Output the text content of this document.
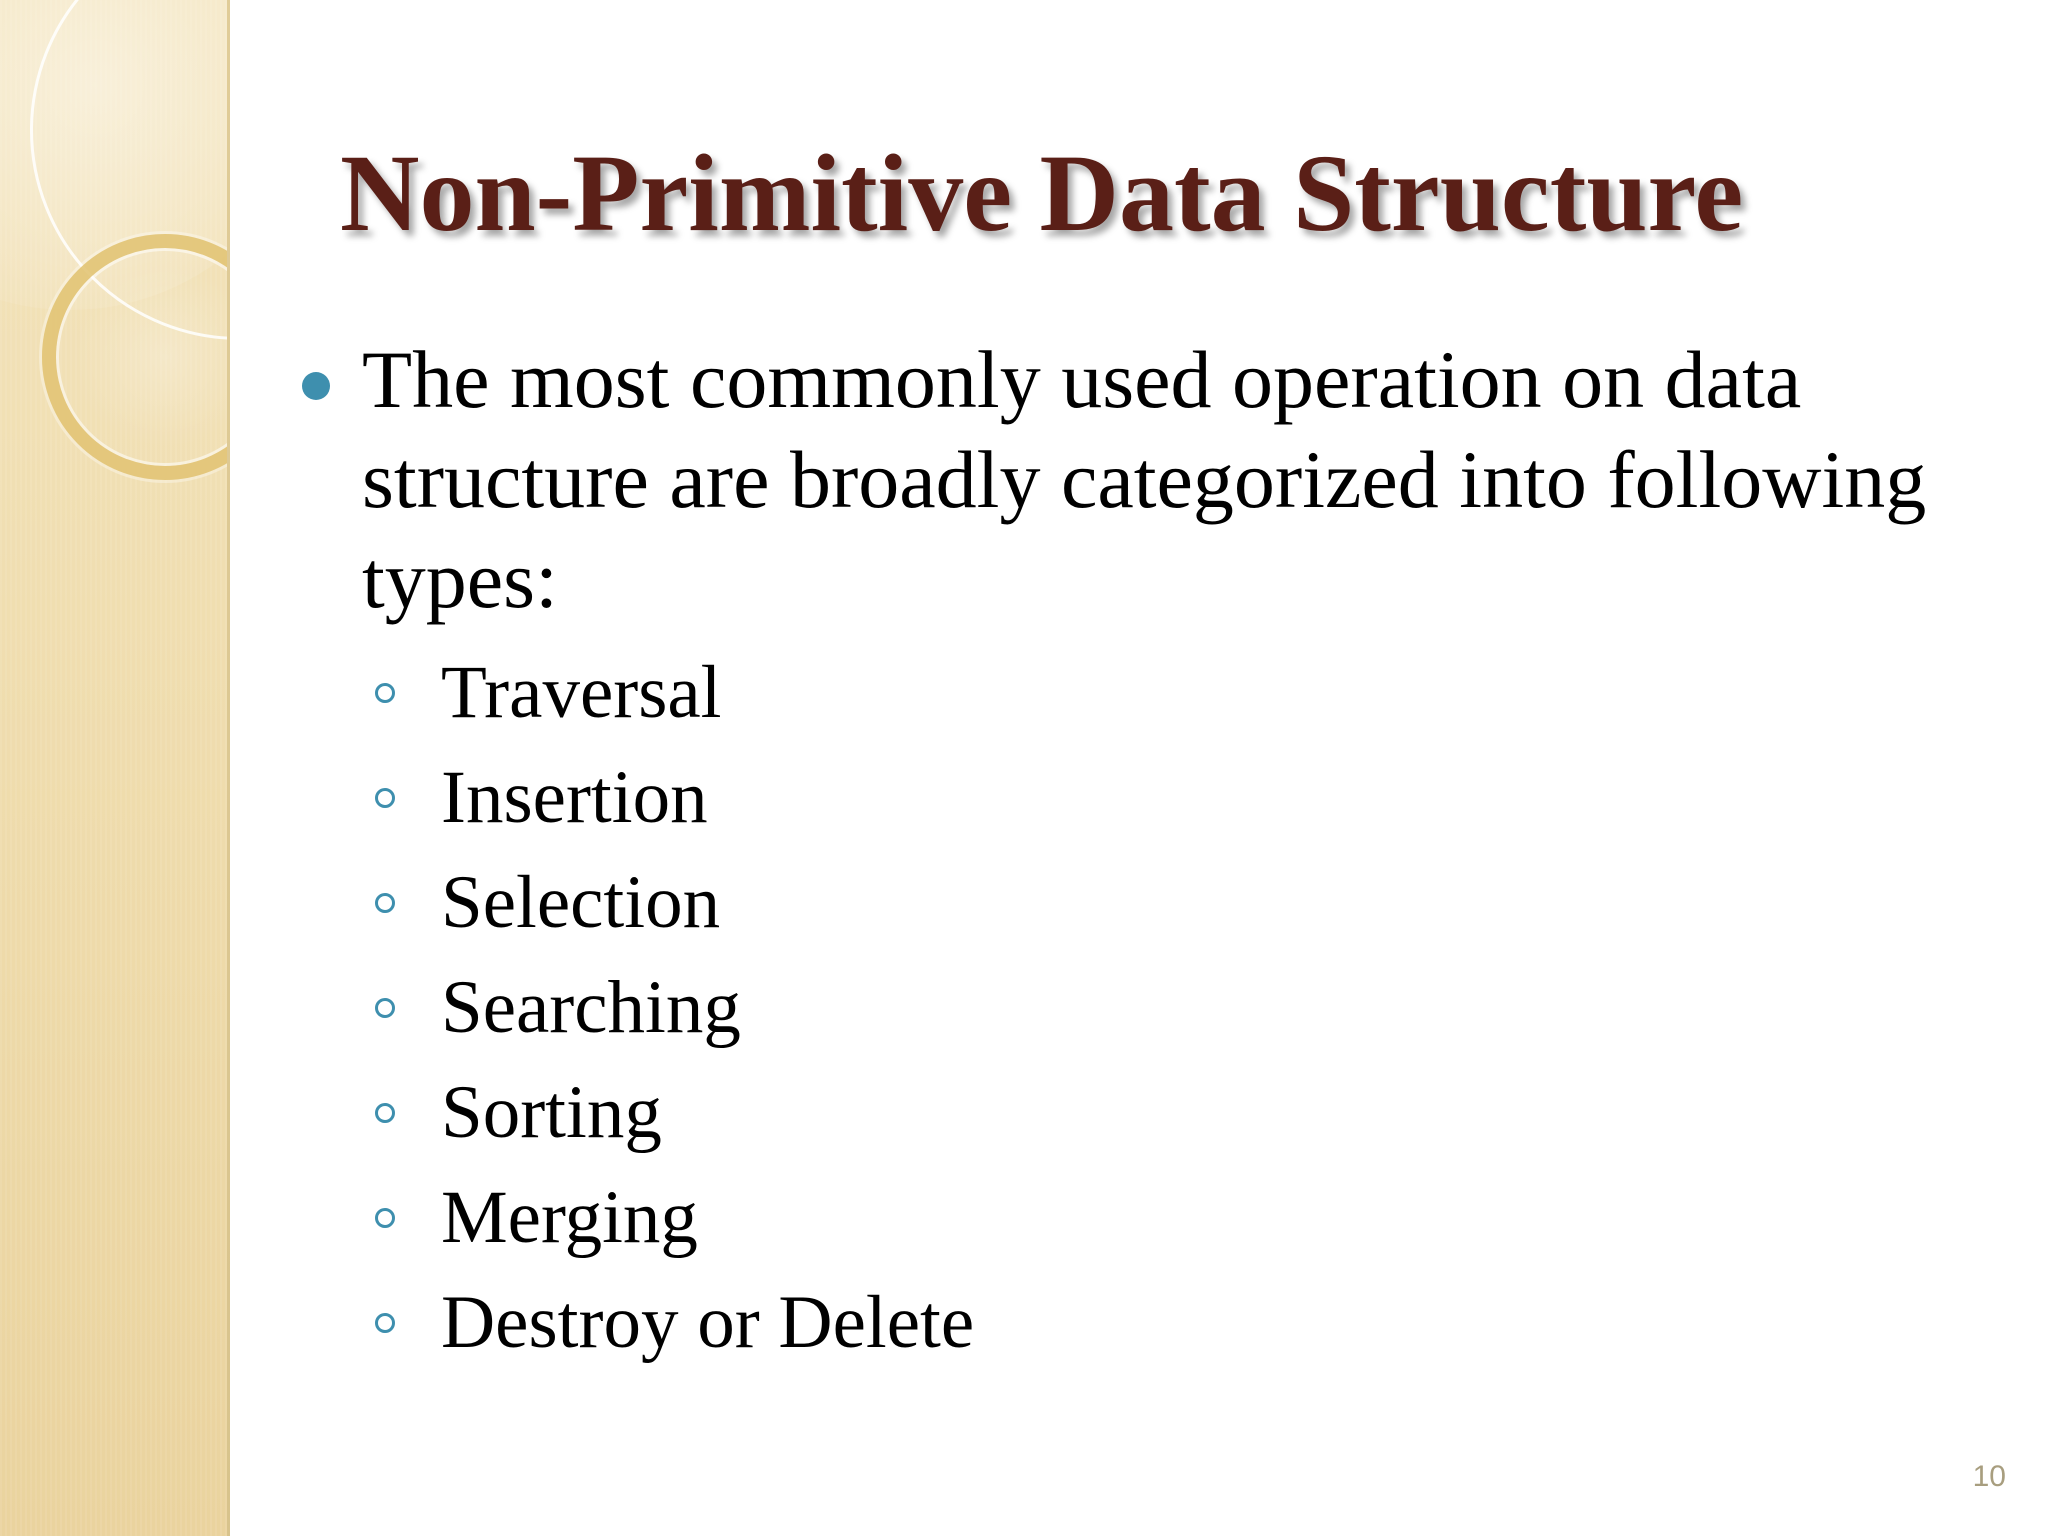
Non-Primitive Data Structure

The most commonly used operation on data structure are broadly categorized into following types:

Traversal
Insertion
Selection
Searching
Sorting
Merging
Destroy or Delete
10
